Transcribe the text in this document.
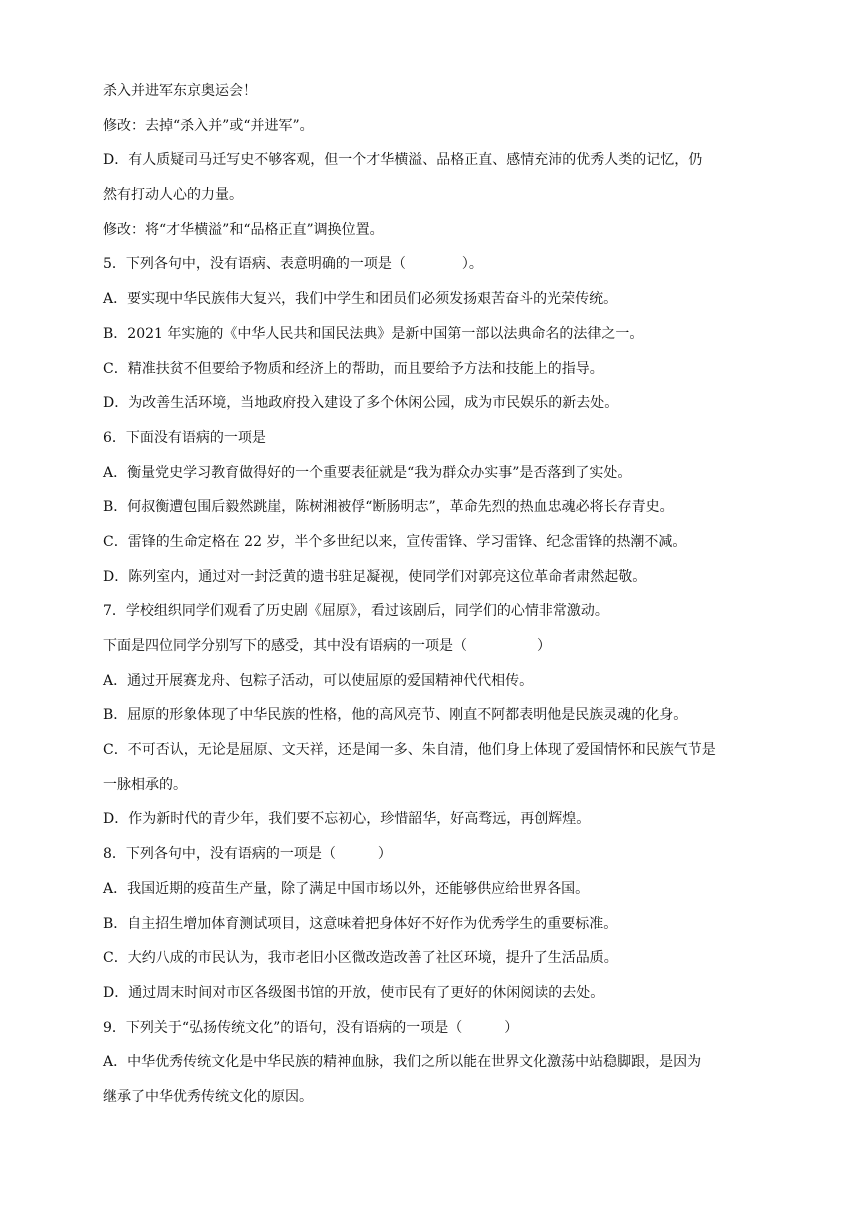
杀入并进军东京奥运会！
修改：去掉“杀入并”或“并进军”。
D．有人质疑司马迁写史不够客观，但一个才华横溢、品格正直、感情充沛的优秀人类的记忆，仍
然有打动人心的力量。
修改：将“才华横溢”和“品格正直”调换位置。
5．下列各句中，没有语病、表意明确的一项是（　　　　）。
A．要实现中华民族伟大复兴，我们中学生和团员们必须发扬艰苦奋斗的光荣传统。
B．2021 年实施的《中华人民共和国民法典》是新中国第一部以法典命名的法律之一。
C．精准扶贫不但要给予物质和经济上的帮助，而且要给予方法和技能上的指导。
D．为改善生活环境，当地政府投入建设了多个休闲公园，成为市民娱乐的新去处。
6．下面没有语病的一项是
A．衡量党史学习教育做得好的一个重要表征就是“我为群众办实事”是否落到了实处。
B．何叔衡遭包围后毅然跳崖，陈树湘被俘“断肠明志”，革命先烈的热血忠魂必将长存青史。
C．雷锋的生命定格在 22 岁，半个多世纪以来，宣传雷锋、学习雷锋、纪念雷锋的热潮不减。
D．陈列室内，通过对一封泛黄的遗书驻足凝视，使同学们对郭亮这位革命者肃然起敬。
7．学校组织同学们观看了历史剧《屈原》，看过该剧后，同学们的心情非常激动。
下面是四位同学分别写下的感受，其中没有语病的一项是（　　　　　）
A．通过开展赛龙舟、包粽子活动，可以使屈原的爱国精神代代相传。
B．屈原的形象体现了中华民族的性格，他的高风亮节、刚直不阿都表明他是民族灵魂的化身。
C．不可否认，无论是屈原、文天祥，还是闻一多、朱自清，他们身上体现了爱国情怀和民族气节是
一脉相承的。
D．作为新时代的青少年，我们要不忘初心，珍惜韶华，好高骛远，再创辉煌。
8．下列各句中，没有语病的一项是（　　　）
A．我国近期的疫苗生产量，除了满足中国市场以外，还能够供应给世界各国。
B．自主招生增加体育测试项目，这意味着把身体好不好作为优秀学生的重要标准。
C．大约八成的市民认为，我市老旧小区微改造改善了社区环境，提升了生活品质。
D．通过周末时间对市区各级图书馆的开放，使市民有了更好的休闲阅读的去处。
9．下列关于“弘扬传统文化”的语句，没有语病的一项是（　　　）
A．中华优秀传统文化是中华民族的精神血脉，我们之所以能在世界文化激荡中站稳脚跟，是因为
继承了中华优秀传统文化的原因。
